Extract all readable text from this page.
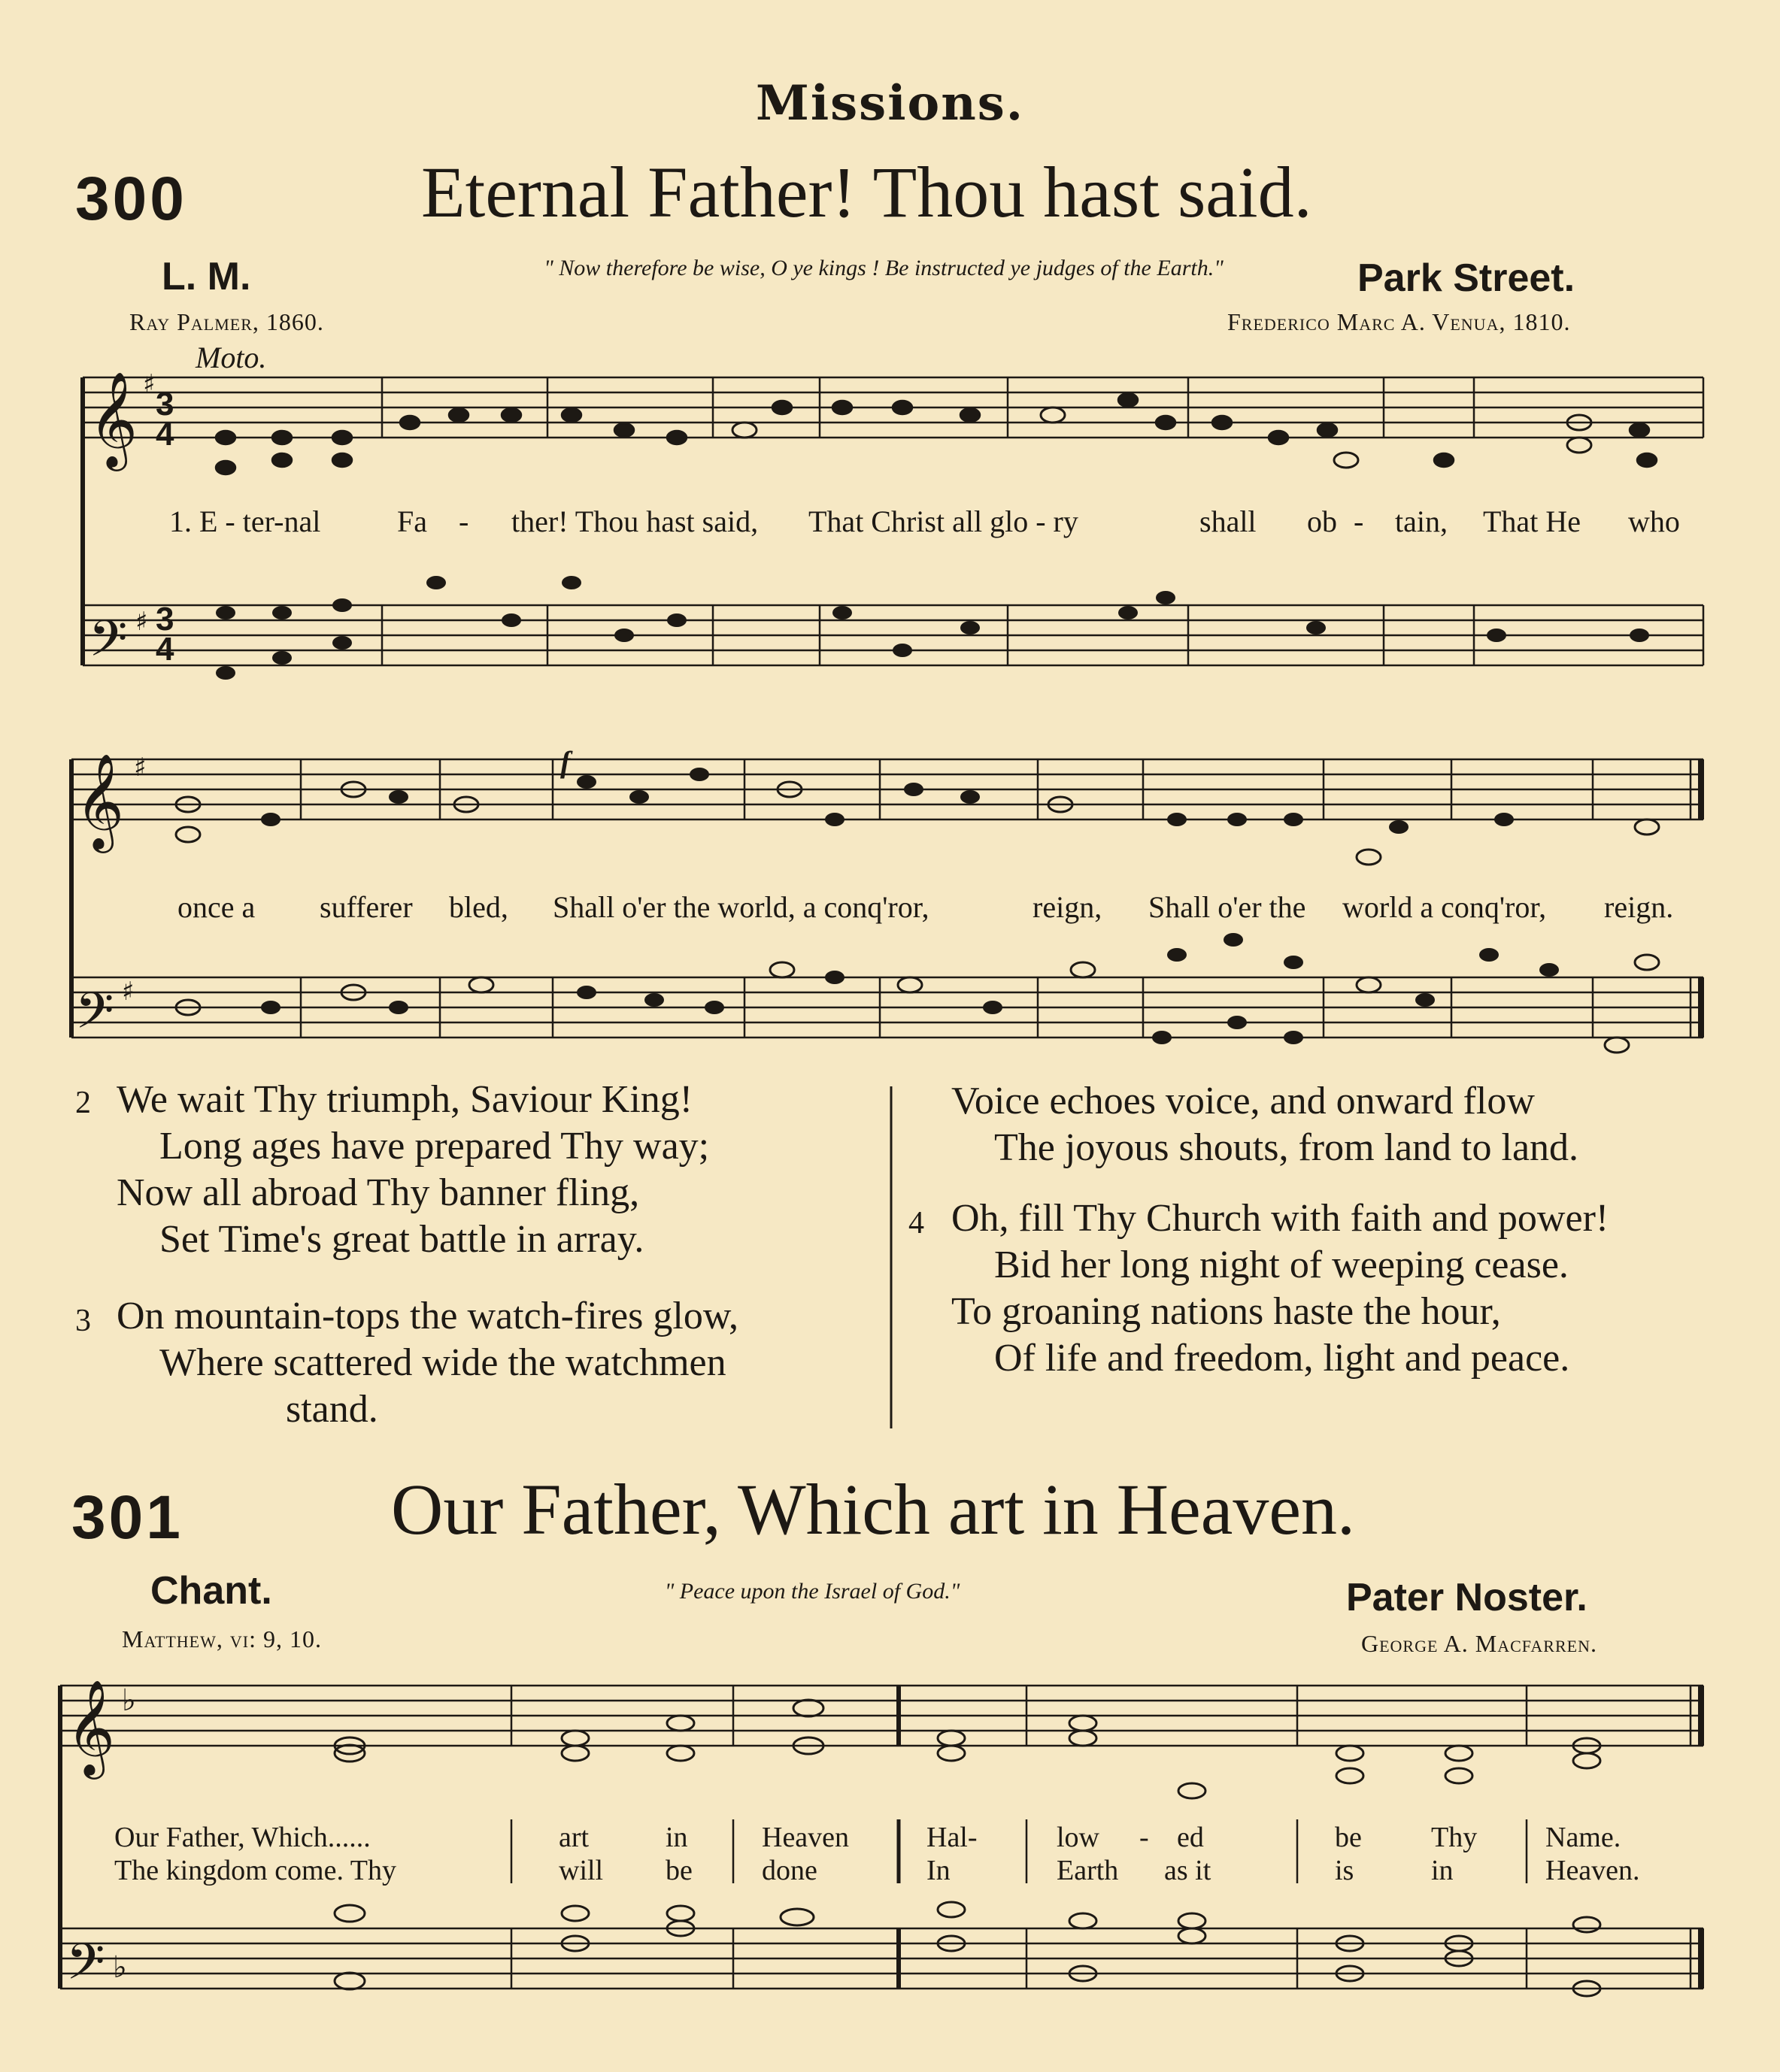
Missions.
300	Eternal Father! Thou hast said.
L. M.	" Now therefore be wise, O ye kings ! Be instructed ye judges of the Earth."	Park Street.
Ray Palmer, 1860.	Frederico Marc A. Venua, 1810.
Moto.
𝄞
𝄢
♯
♯
3
4
3
4
𝄞
𝄢
♯
♯
𝄞
𝄢
♭
♭
f
1. E - ter-nal	Fa - ther! Thou hast said, That Christ all glo - ry	shall ob - tain, That He who
once a sufferer bled, Shall o'er the world, a conq'ror,	reign, Shall o'er the world a conq'ror, reign.
2 We wait Thy triumph, Saviour King!
Long ages have prepared Thy way;
Now all abroad Thy banner fling,
Set Time's great battle in array.
3 On mountain-tops the watch-fires glow,
Where scattered wide the watchmen
stand.
Voice echoes voice, and onward flow
The joyous shouts, from land to land.
4 Oh, fill Thy Church with faith and power!
Bid her long night of weeping cease.
To groaning nations haste the hour,
Of life and freedom, light and peace.
301	Our Father, Which art in Heaven.
Chant.	" Peace upon the Israel of God."	Pater Noster.
Matthew, vi: 9, 10.	George A. Macfarren.
Our Father, Which......	art	in	Heaven	Hal-	low - ed	be Thy Name.
The kingdom come. Thy	will be done	In	Earth as it	is	in	Heaven.
